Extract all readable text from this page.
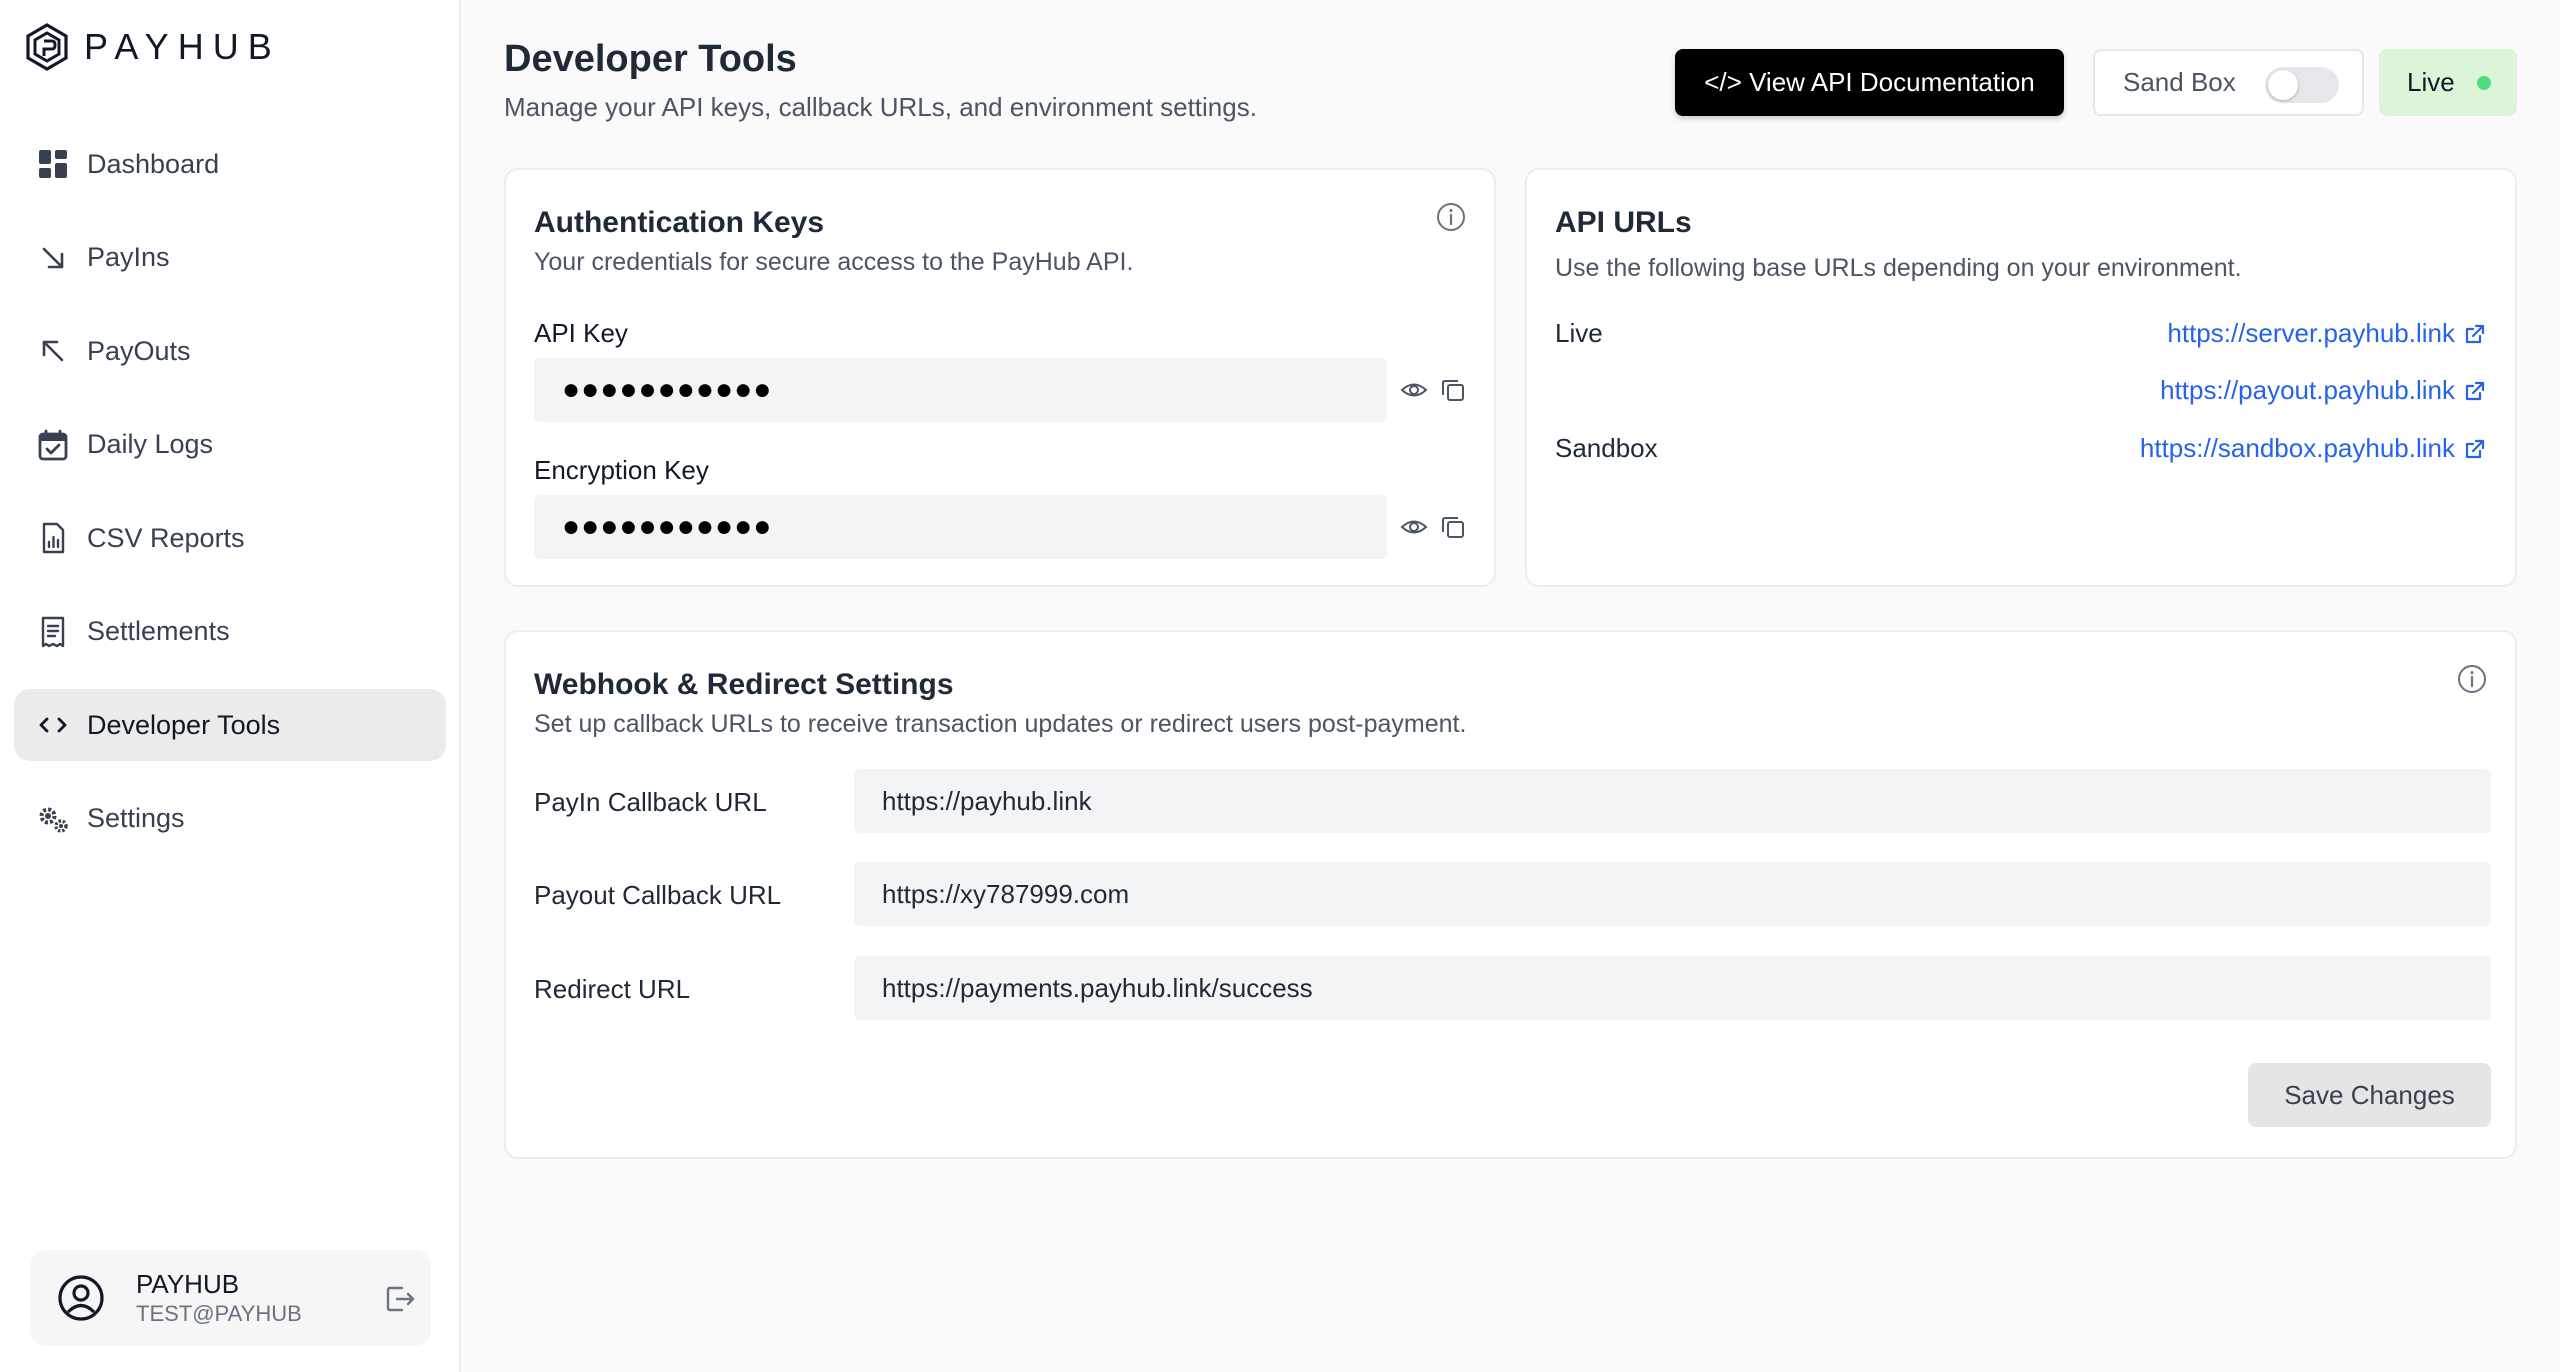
PAYHUB
Dashboard
PayIns
PayOuts
Daily Logs
CSV Reports
Settlements
Developer Tools
Settings
PAYHUB
TEST@PAYHUB
Developer Tools

Manage your API keys, callback URLs, and environment settings.

</> View API Documentation	Sand Box	Live
Authentication Keys

Your credentials for secure access to the PayHub API.

API Key
●●●●●●●●●●●
Encryption Key
●●●●●●●●●●●
API URLs

Use the following base URLs depending on your environment.

Live	https://server.payhub.link
https://payout.payhub.link
Sandbox	https://sandbox.payhub.link
Webhook & Redirect Settings

Set up callback URLs to receive transaction updates or redirect users post-payment.

PayIn Callback URL	https://payhub.link
Payout Callback URL	https://xy787999.com
Redirect URL	https://payments.payhub.link/success
Save Changes
